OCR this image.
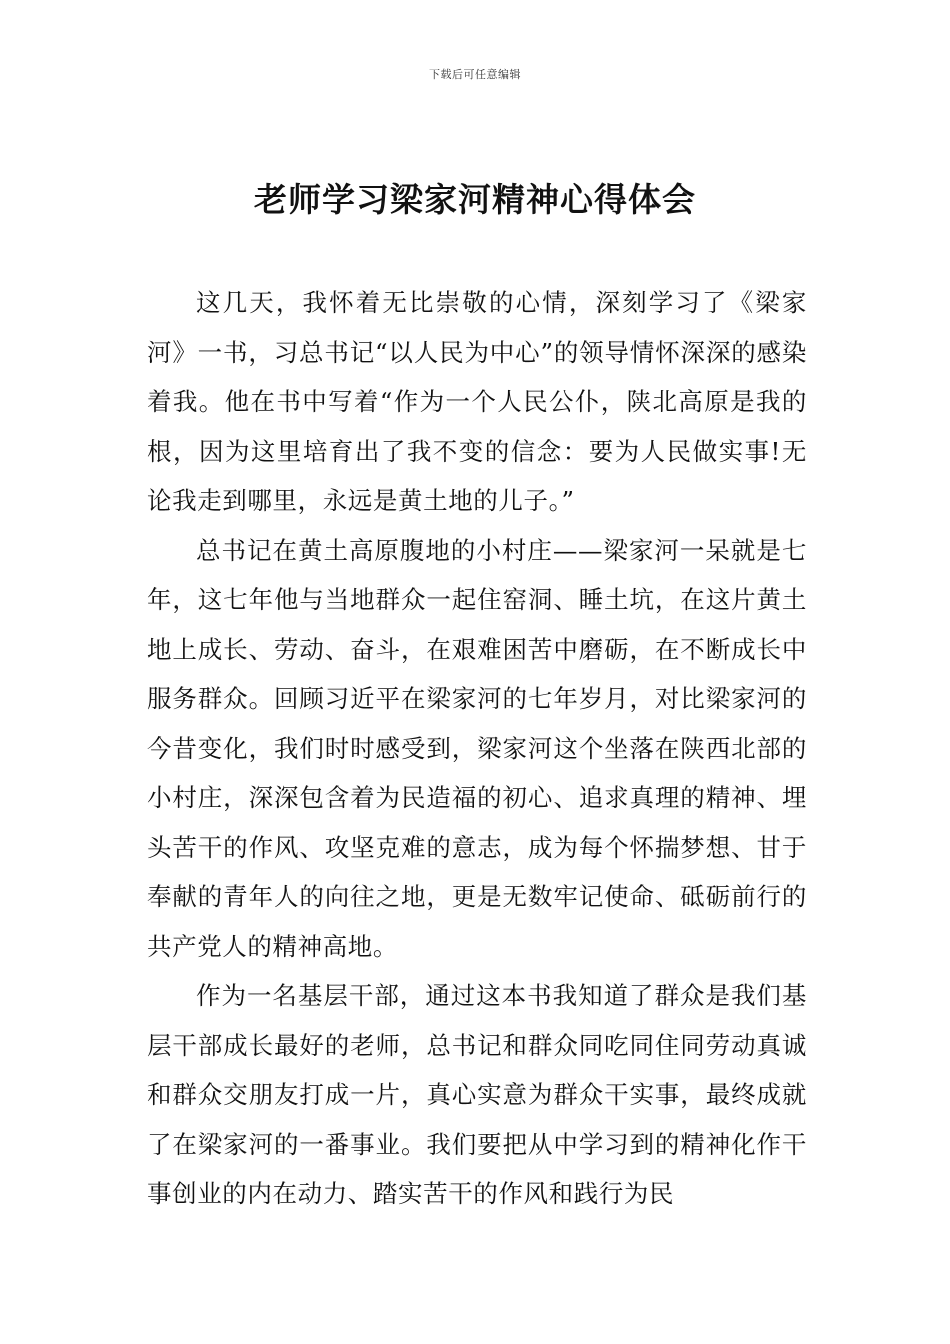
下载后可任意编辑
老师学习梁家河精神心得体会

这几天，我怀着无比崇敬的心情，深刻学习了《梁家河》一书，习总书记“以人民为中心”的领导情怀深深的感染着我。他在书中写着“作为一个人民公仆，陕北高原是我的根，因为这里培育出了我不变的信念：要为人民做实事!无论我走到哪里，永远是黄土地的儿子。”

总书记在黄土高原腹地的小村庄——梁家河一呆就是七年，这七年他与当地群众一起住窑洞、睡土坑，在这片黄土地上成长、劳动、奋斗，在艰难困苦中磨砺，在不断成长中服务群众。回顾习近平在梁家河的七年岁月，对比梁家河的今昔变化，我们时时感受到，梁家河这个坐落在陕西北部的小村庄，深深包含着为民造福的初心、追求真理的精神、埋头苦干的作风、攻坚克难的意志，成为每个怀揣梦想、甘于奉献的青年人的向往之地，更是无数牢记使命、砥砺前行的共产党人的精神高地。

作为一名基层干部，通过这本书我知道了群众是我们基层干部成长最好的老师，总书记和群众同吃同住同劳动真诚和群众交朋友打成一片，真心实意为群众干实事，最终成就了在梁家河的一番事业。我们要把从中学习到的精神化作干事创业的内在动力、踏实苦干的作风和践行为民
